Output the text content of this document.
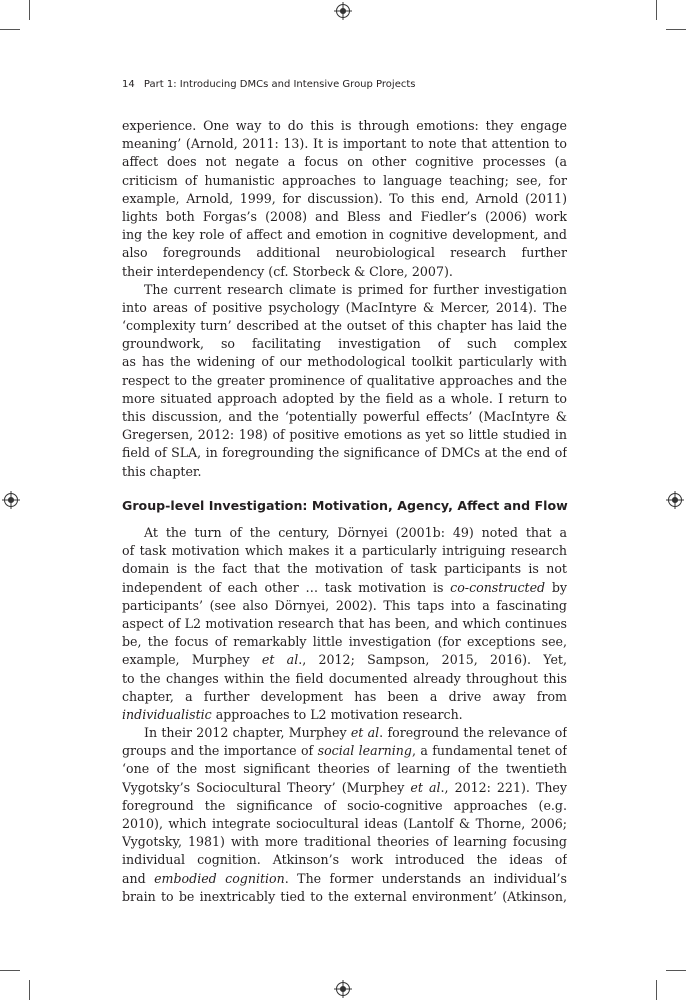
14 Part 1: Introducing DMCs and Intensive Group Projects
experience. One way to do this is through emotions: they engage
meaning’ (Arnold, 2011: 13). It is important to note that attention to
affect does not negate a focus on other cognitive processes (a
criticism of humanistic approaches to language teaching; see, for
example, Arnold, 1999, for discussion). To this end, Arnold (2011)
lights both Forgas’s (2008) and Bless and Fiedler’s (2006) work
ing the key role of affect and emotion in cognitive development, and
also foregrounds additional neurobiological research further
their interdependency (cf. Storbeck & Clore, 2007).
The current research climate is primed for further investigation
into areas of positive psychology (MacIntyre & Mercer, 2014). The
‘complexity turn’ described at the outset of this chapter has laid the
groundwork, so facilitating investigation of such complex
as has the widening of our methodological toolkit particularly with
respect to the greater prominence of qualitative approaches and the
more situated approach adopted by the field as a whole. I return to
this discussion, and the ‘potentially powerful effects’ (MacIntyre &
Gregersen, 2012: 198) of positive emotions as yet so little studied in
field of SLA, in foregrounding the significance of DMCs at the end of
this chapter.
Group-level Investigation: Motivation, Agency, Affect and Flow
At the turn of the century, Dörnyei (2001b: 49) noted that a
of task motivation which makes it a particularly intriguing research
domain is the fact that the motivation of task participants is not
independent of each other … task motivation is co-constructed by
participants’ (see also Dörnyei, 2002). This taps into a fascinating
aspect of L2 motivation research that has been, and which continues
be, the focus of remarkably little investigation (for exceptions see,
example, Murphey et al., 2012; Sampson, 2015, 2016). Yet,
to the changes within the field documented already throughout this
chapter, a further development has been a drive away from
individualistic approaches to L2 motivation research.
In their 2012 chapter, Murphey et al. foreground the relevance of
groups and the importance of social learning, a fundamental tenet of
‘one of the most significant theories of learning of the twentieth
Vygotsky’s Sociocultural Theory’ (Murphey et al., 2012: 221). They
foreground the significance of socio-cognitive approaches (e.g.
2010), which integrate sociocultural ideas (Lantolf & Thorne, 2006;
Vygotsky, 1981) with more traditional theories of learning focusing
individual cognition. Atkinson’s work introduced the ideas of
and embodied cognition. The former understands an individual’s
brain to be inextricably tied to the external environment’ (Atkinson,
